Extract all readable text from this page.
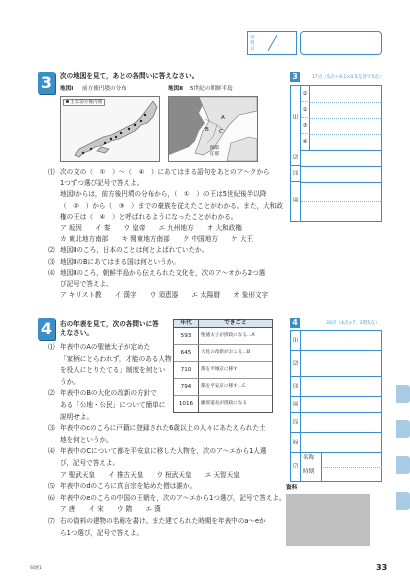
学習日
3	次の地図を見て，あとの各問いに答えなさい。
地図Ⅰ 前方後円墳の分布	地図Ⅱ 5世紀の朝鮮半島
主な前方後円墳
A
B C
伽耶
任那
⑴ 次の文の（　①　）～（　④　）にあてはまる語句をあとのア～クから
1つずつ選び記号で答えよ。
地図Ⅰからは，前方後円墳の分布から，（　①　）の王は5世紀後半以降
（　②　）から（　③　）までの豪族を従えたことがわかる。また，大和政
権の王は（　④　）と呼ばれるようになったことがわかる。
ア 坂因　　イ 秦　　ウ 皇帝　　エ 九州地方　　オ 大和政権
カ 東北地方南部　　キ 関東地方南部　　ク 中国地方　　ケ 大王
⑵ 地図Ⅱのころ，日本のことは何とよばれていたか。
⑶ 地図ⅡのBにあてはまる国は何というか。
⑷ 地図Ⅱのころ，朝鮮半島から伝えられた文化を，次のア～オから2つ選
び記号で答えよ。
ア キリスト教　　イ 漢字　　ウ 須恵器　　エ 太陽暦　　オ 象形文字
4	右の年表を見て，次の各問いに答
えなさい。
年代	できごと
593	聖徳太子が摂政になる…A
645	大化の改新がおこる…B
710	都を平城京に移す
794	都を平安京に移す…C
1016	藤原道長が摂政になる
⑴ 年表中のAの聖徳太子が定めた
「家柄にとらわれず，才能のある人物
を役人にとりたてる」制度を何とい
うか。
⑵ 年表中のBの大化の改新の方針で
ある「公地・公民」について簡単に
説明せよ。
⑶ 年表中のcのころに戸籍に登録された6歳以上の人々にあたえられた土
地を何というか。
⑷ 年表中のCについて都を平安京に移した人物を，次のア～エから1人選
び，記号で答えよ。
ア 聖武天皇　　イ 推古天皇　　ウ 桓武天皇　　エ 天智天皇
⑸ 年表中のdのころに真言宗を始めた僧は誰か。
⑹ 年表中のeのころの中国の王朝を，次のア～エから1つ選び，記号で答えよ。
ア 唐　　イ 宋　　ウ 隋　　エ 漢
⑺ 右の資料の建物の名称を書け。また建てられた時期を年表中のa～eか
ら1つ選び，記号で答えよ。
3	17点（5点＋4.1×4.5完答で5点）
⑴
①
②
③
④
⑵
⑶
⑷
4	33点（4点×7，2問5点）
⑴
⑵
⑶
⑷
⑸
⑹
⑺
名称
時期
資料
SI歴1	33
